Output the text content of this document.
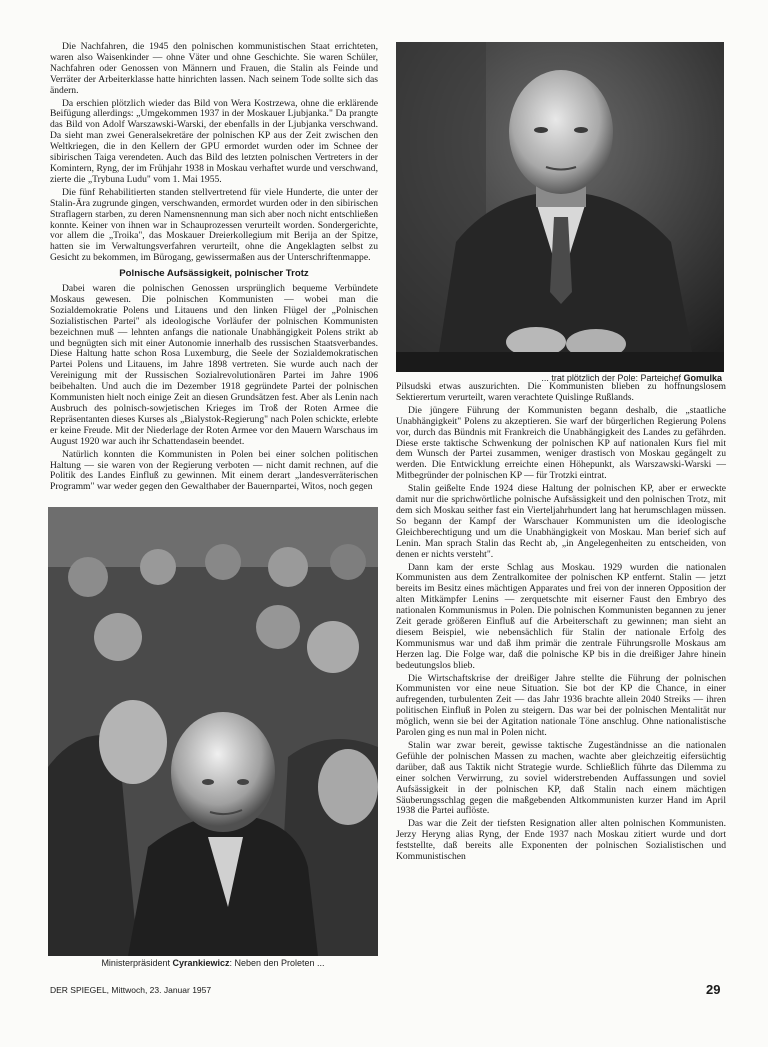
Die Nachfahren, die 1945 den polnischen kommunistischen Staat errichteten, waren also Waisenkinder — ohne Väter und ohne Geschichte. Sie waren Schüler, Nachfahren oder Genossen von Männern und Frauen, die Stalin als Feinde und Verräter der Arbeiterklasse hatte hinrichten lassen. Nach seinem Tode sollte sich das ändern.

Da erschien plötzlich wieder das Bild von Wera Kostrzewa, ohne die erklärende Beifügung allerdings: „Umgekommen 1937 in der Moskauer Ljubjanka." Da prangte das Bild von Adolf Warszawski-Warski, der ebenfalls in der Ljubjanka verschwand. Da sieht man zwei Generalsekretäre der polnischen KP aus der Zeit zwischen den Weltkriegen, die in den Kellern der GPU ermordet wurden oder im Schnee der sibirischen Taiga verendeten. Auch das Bild des letzten polnischen Vertreters in der Komintern, Ryng, der im Frühjahr 1938 in Moskau verhaftet wurde und verschwand, zierte die „Trybuna Ludu" vom 1. Mai 1955.

Die fünf Rehabilitierten standen stellvertretend für viele Hunderte, die unter der Stalin-Ära zugrunde gingen, verschwanden, ermordet wurden oder in den sibirischen Straflagern starben, zu deren Namensnennung man sich aber noch nicht entschließen konnte. Keiner von ihnen war in Schauprozessen verurteilt worden. Sondergerichte, vor allem die „Troika", das Moskauer Dreierkollegium mit Berija an der Spitze, hatten sie im Verwaltungsverfahren verurteilt, ohne die Angeklagten selbst zu Gesicht zu bekommen, im Bürogang, gewissermaßen aus der Unterschriftenmappe.

Polnische Aufsässigkeit, polnischer Trotz

Dabei waren die polnischen Genossen ursprünglich bequeme Verbündete Moskaus gewesen. Die polnischen Kommunisten — wobei man die Sozialdemokratie Polens und Litauens und den linken Flügel der „Polnischen Sozialistischen Partei" als ideologische Vorläufer der polnischen Kommunisten bezeichnen muß — lehnten anfangs die nationale Unabhängigkeit Polens strikt ab und begnügten sich mit einer Autonomie innerhalb des russischen Staatsverbandes. Diese Haltung hatte schon Rosa Luxemburg, die Seele der Sozialdemokratischen Partei Polens und Litauens, im Jahre 1898 vertreten. Sie wurde auch nach der Vereinigung mit der Russischen Sozialrevolutionären Partei im Jahre 1906 beibehalten. Und auch die im Dezember 1918 gegründete Partei der polnischen Kommunisten hielt noch einige Zeit an diesen Grundsätzen fest. Aber als Lenin nach Ausbruch des polnisch-sowjetischen Krieges im Troß der Roten Armee die Repräsentanten dieses Kurses als „Bialystok-Regierung" nach Polen schickte, erlebte er keine Freude. Mit der Niederlage der Roten Armee vor den Mauern Warschaus im August 1920 war auch ihr Schattendasein beendet.

Natürlich konnten die Kommunisten in Polen bei einer solchen politischen Haltung — sie waren von der Regierung verboten — nicht damit rechnen, auf die Politik des Landes Einfluß zu gewinnen. Mit einem derart „landesverräterischen Programm" war weder gegen den Gewalthaber der Bauernpartei, Witos, noch gegen

... trat plötzlich der Pole: Parteichef Gomulka
Ministerpräsident Cyrankiewicz: Neben den Proleten ...

Pilsudski etwas auszurichten. Die Kommunisten blieben zu hoffnungslosem Sektierertum verurteilt, waren verachtete Quislinge Rußlands.

Die jüngere Führung der Kommunisten begann deshalb, die „staatliche Unabhängigkeit" Polens zu akzeptieren. Sie warf der bürgerlichen Regierung Polens vor, durch das Bündnis mit Frankreich die Unabhängigkeit des Landes zu gefährden. Diese erste taktische Schwenkung der polnischen KP auf nationalen Kurs fiel mit dem Wunsch der Partei zusammen, weniger drastisch von Moskau gegängelt zu werden. Die Entwicklung erreichte einen Höhepunkt, als Warszawski-Warski — Mitbegründer der polnischen KP — für Trotzki eintrat.

Stalin geißelte Ende 1924 diese Haltung der polnischen KP, aber er erweckte damit nur die sprichwörtliche polnische Aufsässigkeit und den polnischen Trotz, mit dem sich Moskau seither fast ein Vierteljahrhundert lang hat herumschlagen müssen. So begann der Kampf der Warschauer Kommunisten um die ideologische Gleichberechtigung und um die Unabhängigkeit von Moskau. Man berief sich auf Lenin. Man sprach Stalin das Recht ab, „in Angelegenheiten zu entscheiden, von denen er nichts versteht".

Dann kam der erste Schlag aus Moskau. 1929 wurden die nationalen Kommunisten aus dem Zentralkomitee der polnischen KP entfernt. Stalin — jetzt bereits im Besitz eines mächtigen Apparates und frei von der inneren Opposition der alten Mitkämpfer Lenins — zerquetschte mit eiserner Faust den Embryo des nationalen Kommunismus in Polen. Die polnischen Kommunisten begannen zu jener Zeit gerade größeren Einfluß auf die Arbeiterschaft zu gewinnen; man sieht an diesem Beispiel, wie nebensächlich für Stalin der nationale Erfolg des Kommunismus war und daß ihm primär die zentrale Führungsrolle Moskaus am Herzen lag. Die Folge war, daß die polnische KP bis in die dreißiger Jahre hinein bedeutungslos blieb.

Die Wirtschaftskrise der dreißiger Jahre stellte die Führung der polnischen Kommunisten vor eine neue Situation. Sie bot der KP die Chance, in einer aufregenden, turbulenten Zeit — das Jahr 1936 brachte allein 2040 Streiks — ihren politischen Einfluß in Polen zu steigern. Das war bei der polnischen Mentalität nur möglich, wenn sie bei der Agitation nationale Töne anschlug. Ohne nationalistische Parolen ging es nun mal in Polen nicht.

Stalin war zwar bereit, gewisse taktische Zugeständnisse an die nationalen Gefühle der polnischen Massen zu machen, wachte aber gleichzeitig eifersüchtig darüber, daß aus Taktik nicht Strategie wurde. Schließlich führte das Dilemma zu einer solchen Verwirrung, zu soviel widerstrebenden Auffassungen und soviel Aufsässigkeit in der polnischen KP, daß Stalin nach einem mächtigen Säuberungsschlag gegen die maßgebenden Altkommunisten kurzer Hand im April 1938 die Partei auflöste.

Das war die Zeit der tiefsten Resignation aller alten polnischen Kommunisten. Jerzy Heryng alias Ryng, der Ende 1937 nach Moskau zitiert wurde und dort feststellte, daß bereits alle Exponenten der polnischen Sozialistischen und Kommunistischen

DER SPIEGEL, Mittwoch, 23. Januar 1957	29
